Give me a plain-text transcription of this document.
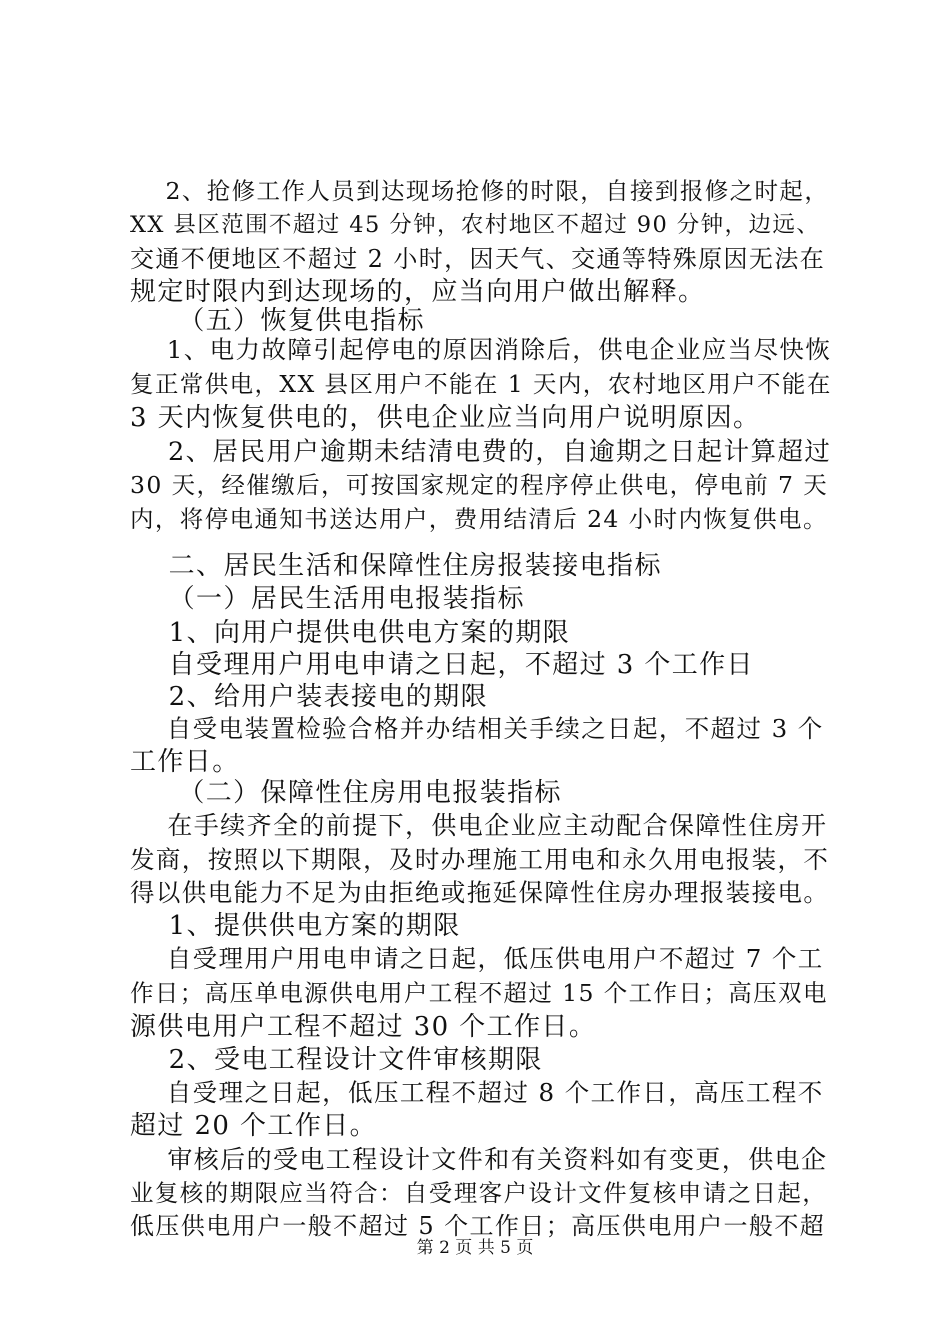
2、抢修工作人员到达现场抢修的时限，自接到报修之时起，
XX 县区范围不超过 45 分钟，农村地区不超过 90 分钟，边远、
交通不便地区不超过 2 小时，因天气、交通等特殊原因无法在
规定时限内到达现场的，应当向用户做出解释。
（五）恢复供电指标
1、电力故障引起停电的原因消除后，供电企业应当尽快恢
复正常供电，XX 县区用户不能在 1 天内，农村地区用户不能在
3 天内恢复供电的，供电企业应当向用户说明原因。
2、居民用户逾期未结清电费的，自逾期之日起计算超过
30 天，经催缴后，可按国家规定的程序停止供电，停电前 7 天
内，将停电通知书送达用户，费用结清后 24 小时内恢复供电。
二、居民生活和保障性住房报装接电指标
（一）居民生活用电报装指标
1、向用户提供电供电方案的期限
自受理用户用电申请之日起，不超过 3 个工作日
2、给用户装表接电的期限
自受电装置检验合格并办结相关手续之日起，不超过 3 个
工作日。
（二）保障性住房用电报装指标
在手续齐全的前提下，供电企业应主动配合保障性住房开
发商，按照以下期限，及时办理施工用电和永久用电报装，不
得以供电能力不足为由拒绝或拖延保障性住房办理报装接电。
1、提供供电方案的期限
自受理用户用电申请之日起，低压供电用户不超过 7 个工
作日；高压单电源供电用户工程不超过 15 个工作日；高压双电
源供电用户工程不超过 30 个工作日。
2、受电工程设计文件审核期限
自受理之日起，低压工程不超过 8 个工作日，高压工程不
超过 20 个工作日。
审核后的受电工程设计文件和有关资料如有变更，供电企
业复核的期限应当符合：自受理客户设计文件复核申请之日起，
低压供电用户一般不超过 5 个工作日；高压供电用户一般不超
第 2 页 共 5 页
